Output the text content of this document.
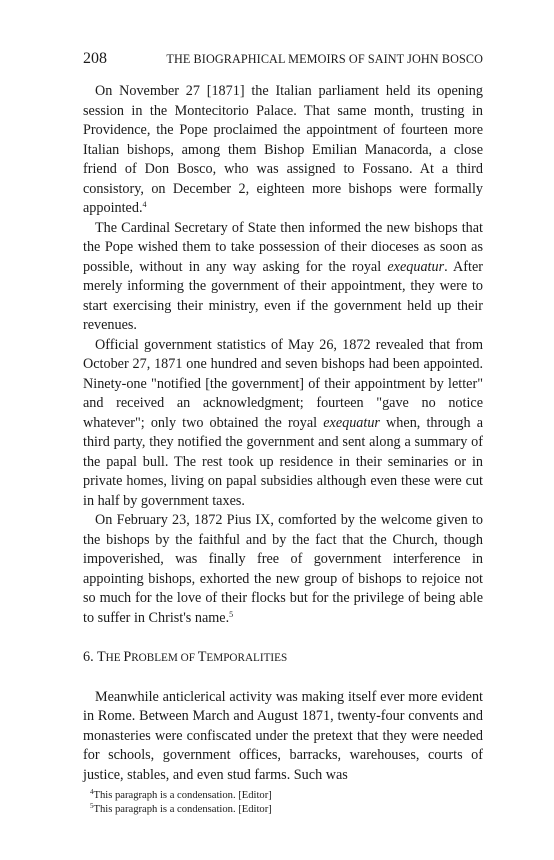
208	THE BIOGRAPHICAL MEMOIRS OF SAINT JOHN BOSCO

On November 27 [1871] the Italian parliament held its opening session in the Montecitorio Palace. That same month, trusting in Providence, the Pope proclaimed the appointment of fourteen more Italian bishops, among them Bishop Emilian Manacorda, a close friend of Don Bosco, who was assigned to Fossano. At a third consistory, on December 2, eighteen more bishops were formally appointed.$^4$

The Cardinal Secretary of State then informed the new bishops that the Pope wished them to take possession of their dioceses as soon as possible, without in any way asking for the royal exequatur. After merely informing the government of their appointment, they were to start exercising their ministry, even if the government held up their revenues.

Official government statistics of May 26, 1872 revealed that from October 27, 1871 one hundred and seven bishops had been appointed. Ninety-one "notified [the government] of their appointment by letter" and received an acknowledgment; fourteen "gave no notice whatever"; only two obtained the royal exequatur when, through a third party, they notified the government and sent along a summary of the papal bull. The rest took up residence in their seminaries or in private homes, living on papal subsidies although even these were cut in half by government taxes.

On February 23, 1872 Pius IX, comforted by the welcome given to the bishops by the faithful and by the fact that the Church, though impoverished, was finally free of government interference in appointing bishops, exhorted the new group of bishops to rejoice not so much for the love of their flocks but for the privilege of being able to suffer in Christ's name.$^5$

6. THE PROBLEM OF TEMPORALITIES

Meanwhile anticlerical activity was making itself ever more evident in Rome. Between March and August 1871, twenty-four convents and monasteries were confiscated under the pretext that they were needed for schools, government offices, barracks, warehouses, courts of justice, stables, and even stud farms. Such was

$^4$This paragraph is a condensation. [Editor]

$^5$This paragraph is a condensation. [Editor]
